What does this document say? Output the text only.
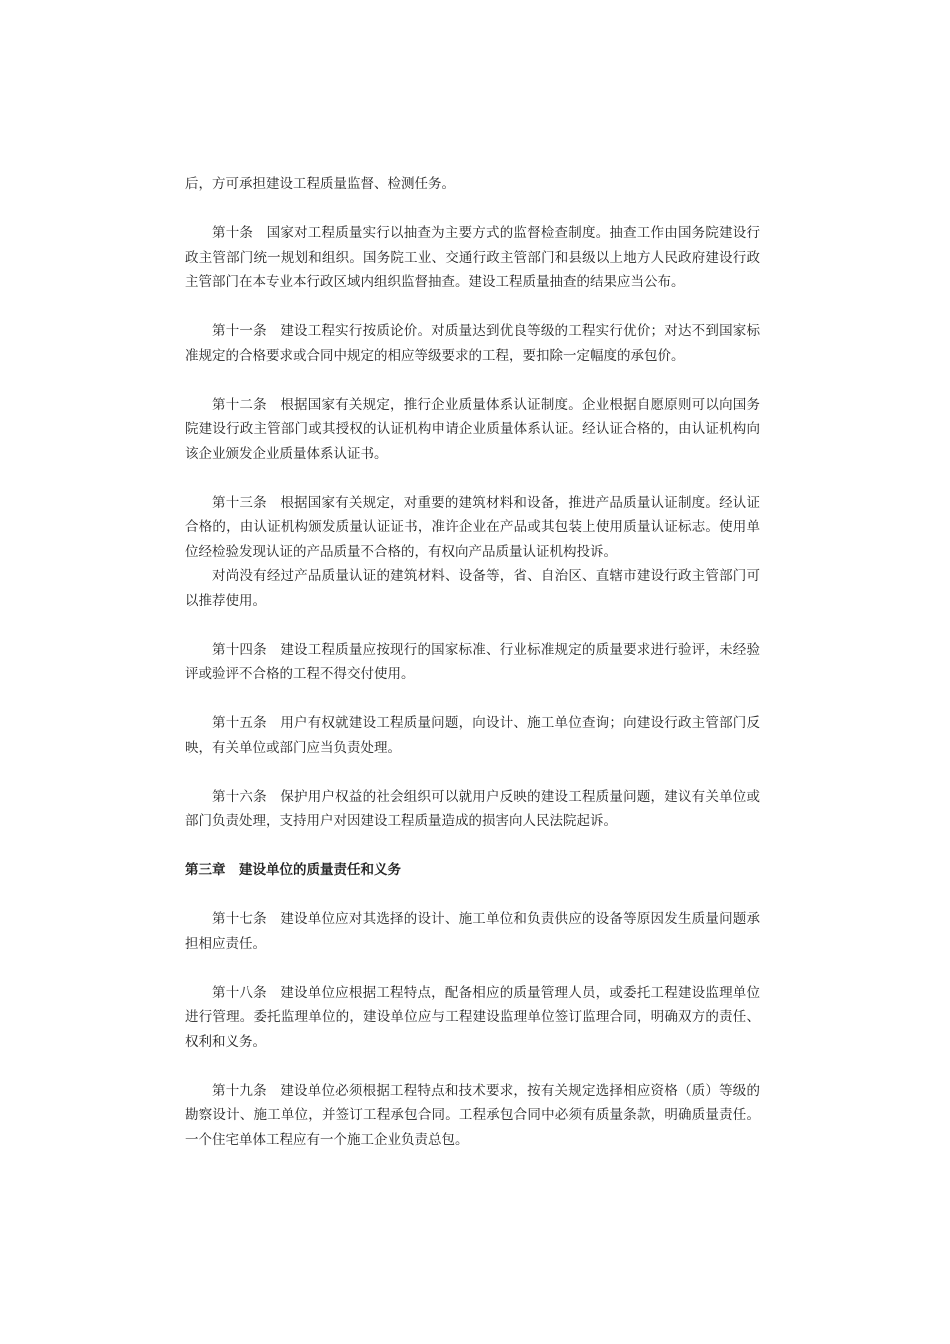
后，方可承担建设工程质量监督、检测任务。

第十条 国家对工程质量实行以抽查为主要方式的监督检查制度。抽查工作由国务院建设行政主管部门统一规划和组织。国务院工业、交通行政主管部门和县级以上地方人民政府建设行政主管部门在本专业本行政区域内组织监督抽查。建设工程质量抽查的结果应当公布。

第十一条 建设工程实行按质论价。对质量达到优良等级的工程实行优价；对达不到国家标准规定的合格要求或合同中规定的相应等级要求的工程，要扣除一定幅度的承包价。

第十二条 根据国家有关规定，推行企业质量体系认证制度。企业根据自愿原则可以向国务院建设行政主管部门或其授权的认证机构申请企业质量体系认证。经认证合格的，由认证机构向该企业颁发企业质量体系认证书。

第十三条 根据国家有关规定，对重要的建筑材料和设备，推进产品质量认证制度。经认证合格的，由认证机构颁发质量认证证书，准许企业在产品或其包装上使用质量认证标志。使用单位经检验发现认证的产品质量不合格的，有权向产品质量认证机构投诉。

对尚没有经过产品质量认证的建筑材料、设备等，省、自治区、直辖市建设行政主管部门可以推荐使用。

第十四条 建设工程质量应按现行的国家标准、行业标准规定的质量要求进行验评，未经验评或验评不合格的工程不得交付使用。

第十五条 用户有权就建设工程质量问题，向设计、施工单位查询；向建设行政主管部门反映，有关单位或部门应当负责处理。

第十六条 保护用户权益的社会组织可以就用户反映的建设工程质量问题，建议有关单位或部门负责处理，支持用户对因建设工程质量造成的损害向人民法院起诉。

第三章 建设单位的质量责任和义务

第十七条 建设单位应对其选择的设计、施工单位和负责供应的设备等原因发生质量问题承担相应责任。

第十八条 建设单位应根据工程特点，配备相应的质量管理人员，或委托工程建设监理单位进行管理。委托监理单位的，建设单位应与工程建设监理单位签订监理合同，明确双方的责任、权利和义务。

第十九条 建设单位必须根据工程特点和技术要求，按有关规定选择相应资格（质）等级的勘察设计、施工单位，并签订工程承包合同。工程承包合同中必须有质量条款，明确质量责任。一个住宅单体工程应有一个施工企业负责总包。
